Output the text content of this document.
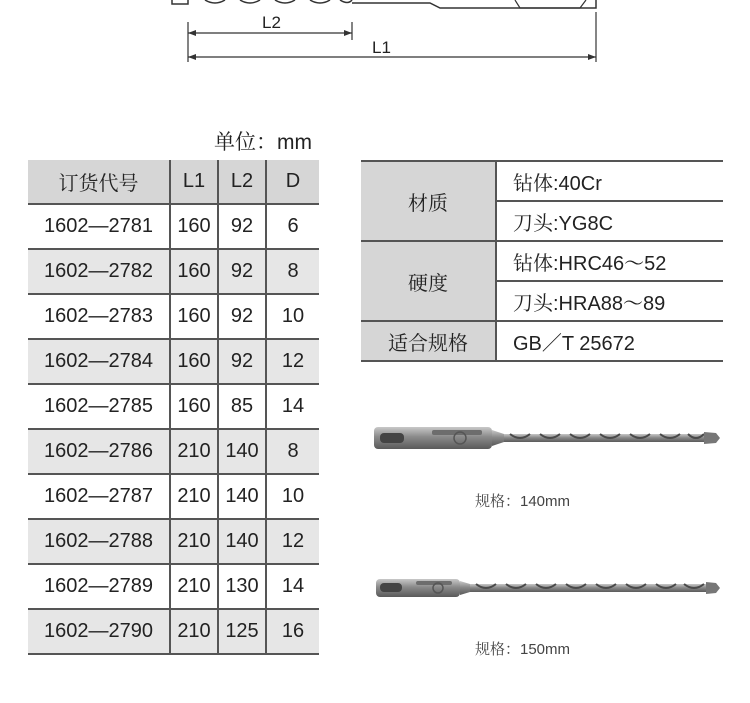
L2
L1
单位：mm
订货代号	L1	L2	D
1602—2781	160	92	6
1602—2782	160	92	8
1602—2783	160	92	10
1602—2784	160	92	12
1602—2785	160	85	14
1602—2786	210	140	8
1602—2787	210	140	10
1602—2788	210	140	12
1602—2789	210	130	14
1602—2790	210	125	16
材质	钻体:40Cr
	刀头:YG8C
硬度	钻体:HRC46～52
	刀头:HRA88～89
适合规格	GB／T 25672
规格：140mm
规格：150mm
